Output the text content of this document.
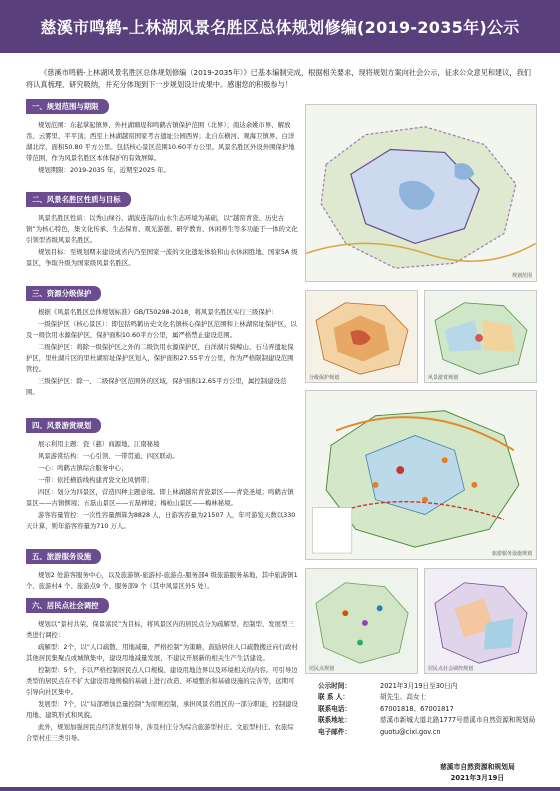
慈溪市鸣鹤-上林湖风景名胜区总体规划修编(2019-2035年)公示

《慈溪市鸣鹤-上林湖风景名胜区总体规划修编（2019-2035年）》已基本编制完成，根据相关要求，现将规划方案向社会公示，征求公众意见和建议，我们将认真梳理、研究吸纳，并充分体现到下一步规划设计成果中。感谢您的积极参与！

一、规划范围与期限

规划范围：东起掌起镇界、外杜湖塘堤和鸣鹤古镇保护范围（北界）；南达余姚市界、解放岙、云雾里、平平顶；西至上林湖越窑国家考古遗址公园西界；北自东横河、观海卫镇界、白洋湖北岸，面积50.80 平方公里。包括核心景区范围10.60平方公里。风景名胜区外设外围保护地带范围，作为风景名胜区本体保护的有效屏障。

规划期限：2019-2035 年，近期至2025 年。

二、风景名胜区性质与目标

风景名胜区性质：以秀山绿谷、湖波连荡的山水生态环境为基础，以“越窑青瓷、历史古镇”为核心特色，集文化传承、生态保育、观光游憩、研学教育、休闲养生等多功能于一体的文化引领型省级风景名胜区。

规划目标：至规划期末建设成省内乃至国家一流的文化遗址体验和山水休闲胜地、国家5A 级景区，争取升级为国家级风景名胜区。

三、资源分级保护

根据《风景名胜区总体规划标准》GB/T50298-2018，将风景名胜区实行三级保护：

一级保护区（核心景区）：即包括鸣鹤历史文化名镇核心保护区范围和上林湖窑址保护区，以及一级饮用水源保护区，保护面积10.60平方公里，属严格禁止建设范围。

二级保护区：将除一级保护区之外的二级饮用水源保护区，白洋湖片骑鲸山、石马弄遗址保护区，里杜湖片区的里杜湖窑址保护区划入，保护面积27.55平方公里，作为严格限制建设范围管控。

三级保护区：除一、二级保护区范围外的区域，保护面积12.65平方公里，属控制建设范围。

四、风景游赏规划

展示利用主题：瓷（慈）商源地、江南秘境

风景游赏结构：一心引领、一带贯通、四区联动。

一心：鸣鹤古镇综合服务中心；

一带：依托横筋线构建青瓷文化风情带；

四区：划分为四景区，营造四种主题意境。即上林湖越窑青瓷景区——青瓷圣境；鸣鹤古镇景区——古镇惬境；五磊山景区——五磊禅境；梅枪山景区——梅林秘境。

游客容量管控：一次性容量测算为8828 人，日游客容量为21507 人，年可游览天数以330 天计算，则年游客容量为710 万人。

五、旅游服务设施

规划2 处游客服务中心，以及旅游镇-旅游村-旅游点-服务部4 级旅游服务基地，其中旅游镇1 个、旅游村4 个、旅游点9 个、服务部9 个（其中风景区外5 处）。

六、居民点社会调控

规划以“景村共荣、保景富民”为目标，将风景区内的居民点分为疏解型、控制型、发展型三类进行调控：

疏解型：2个，以“人口疏散、用地减量，严格控制”为策略，鼓励居住人口疏散搬迁向行政村其他居民集聚点或城镇集中，建设用地减量发展，不建议开展新的相关生产生活建设。

控制型：5个，予以严格控制居民点人口规模、建设用地边界以及环境相关的内容。可引导边类型的居民点在不扩大建设用地规模的基础上进行改造、环境整治和基础设施的完善等，远期可引导向社区集中。

发展型：7个，以“局部增加总量控制”为原则控制，承担风景名胜区的一部分职能，控制建设用地、建筑形式和风貌。

此外，规划加强居民点经济发展引导，涉及村庄分为综合旅游型村庄、文旅型村庄、农旅综合型村庄三类引导。

规划范围
分级保护规划	风景游赏规划
旅游服务设施规划
居民点规划	居民点社会调控规划
公示时间：	2021年3月19日至30日内
联 系 人：	胡先生、高女士
联系电话：	67001818、67001817
联系地址：	慈溪市新城大道北路1777号慈溪市自然资源和规划局
电子邮件：	guotu@cixi.gov.cn
慈溪市自然资源和规划局
2021年3月19日
